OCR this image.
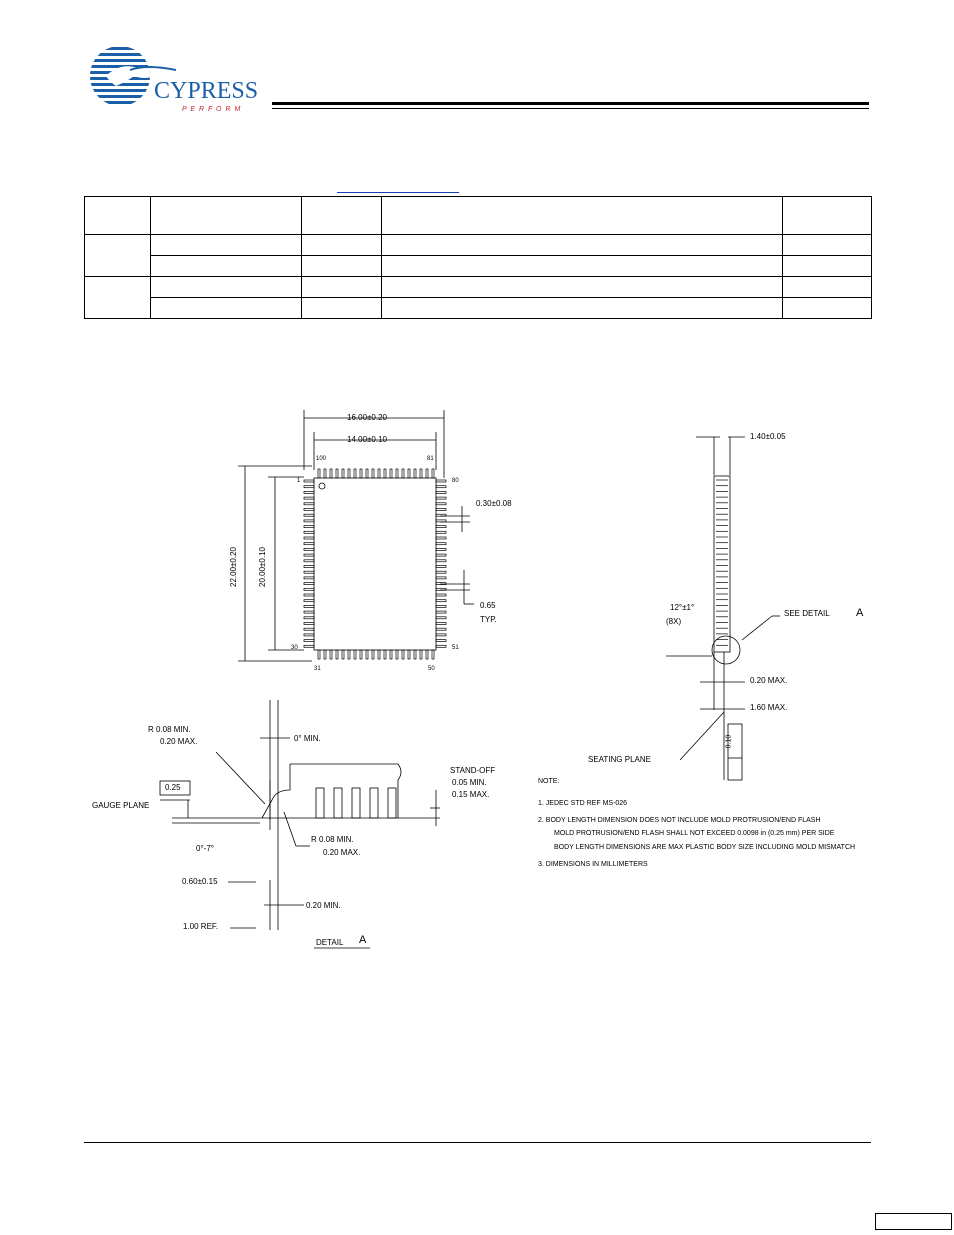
CYPRESS
P E R F O R M

16.00±0.20
14.00±0.10
100	81
1	80
30	51
31	50
22.00±0.20	20.00±0.10
0.30±0.08
0.65
TYP.
1.40±0.05
12°±1°
(8X)
SEE DETAIL A
0.20 MAX.
1.60 MAX.
SEATING PLANE
0.10
R 0.08 MIN.
0.20 MAX.	0° MIN.
0.25
GAUGE PLANE
STAND-OFF
0.05 MIN.
0.15 MAX.
R 0.08 MIN.
0.20 MAX.
0°-7°
0.60±0.15
0.20 MIN.
1.00 REF.
DETAIL A
NOTE:
1. JEDEC STD REF MS-026
2. BODY LENGTH DIMENSION DOES NOT INCLUDE MOLD PROTRUSION/END FLASH
MOLD PROTRUSION/END FLASH SHALL NOT EXCEED 0.0098 in (0.25 mm) PER SIDE
BODY LENGTH DIMENSIONS ARE MAX PLASTIC BODY SIZE INCLUDING MOLD MISMATCH
3. DIMENSIONS IN MILLIMETERS
